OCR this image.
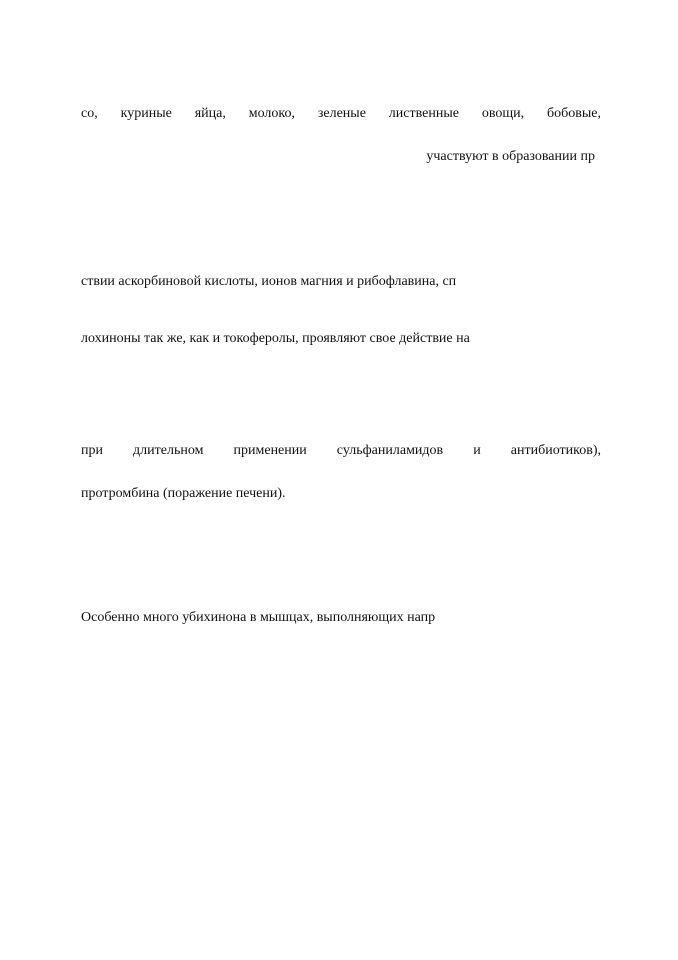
со, куриные яйца, молоко, зеленые лиственные овощи, бобовые,

участвуют в образовании пр

ствии аскорбиновой кислоты, ионов магния и рибофлавина, сп

лохиноны так же, как и токоферолы, проявляют свое действие на

при длительном применении сульфаниламидов и антибиотиков),

протромбина (поражение печени).

Особенно много убихинона в мышцах, выполняющих напр
